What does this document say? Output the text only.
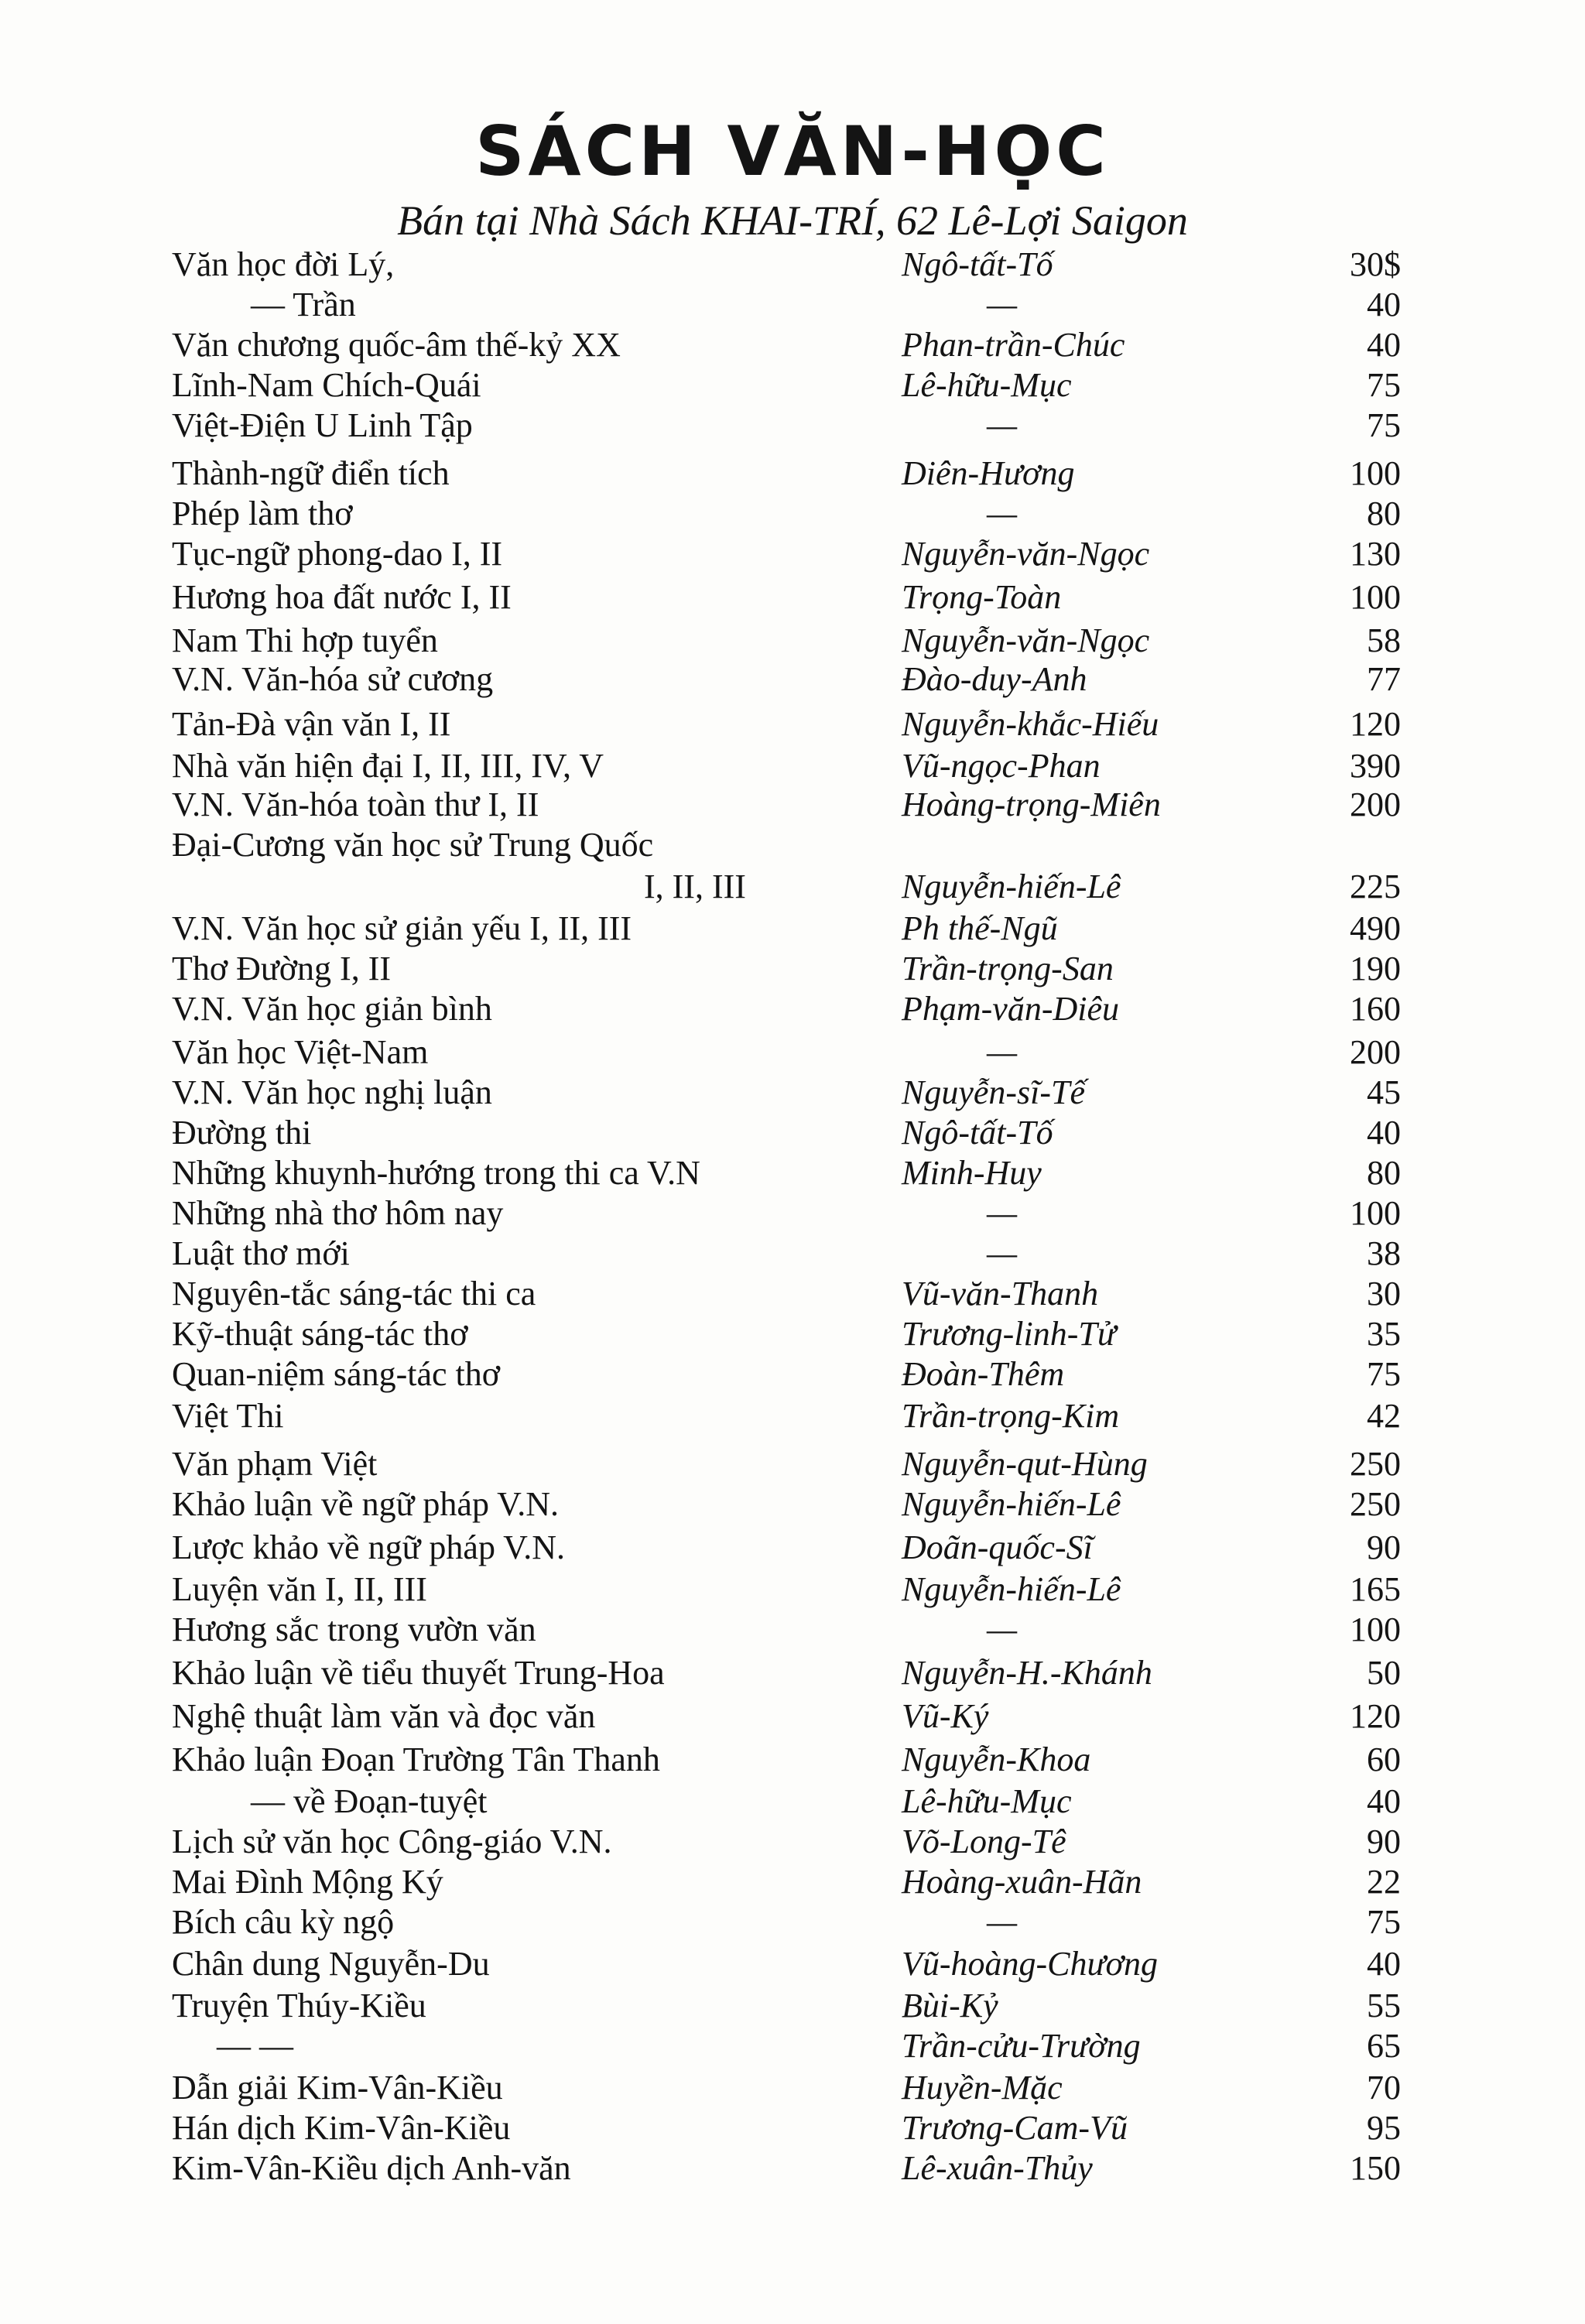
SÁCH VĂN-HỌC
Bán tại Nhà Sách KHAI-TRÍ, 62 Lê-Lợi Saigon
Văn học đời Lý,	Ngô-tất-Tố	30$
— Trần	—	40
Văn chương quốc-âm thế-kỷ XX	Phan-trần-Chúc	40
Lĩnh-Nam Chích-Quái	Lê-hữu-Mục	75
Việt-Điện U Linh Tập	—	75
Thành-ngữ điển tích	Diên-Hương	100
Phép làm thơ	—	80
Tục-ngữ phong-dao I, II	Nguyễn-văn-Ngọc	130
Hương hoa đất nước I, II	Trọng-Toàn	100
Nam Thi hợp tuyển	Nguyễn-văn-Ngọc	58
V.N. Văn-hóa sử cương	Đào-duy-Anh	77
Tản-Đà vận văn I, II	Nguyễn-khắc-Hiếu	120
Nhà văn hiện đại I, II, III, IV, V	Vũ-ngọc-Phan	390
V.N. Văn-hóa toàn thư I, II	Hoàng-trọng-Miên	200
Đại-Cương văn học sử Trung Quốc
I, II, III	Nguyễn-hiến-Lê	225
V.N. Văn học sử giản yếu I, II, III	Ph thế-Ngũ	490
Thơ Đường I, II	Trần-trọng-San	190
V.N. Văn học giản bình	Phạm-văn-Diêu	160
Văn học Việt-Nam	—	200
V.N. Văn học nghị luận	Nguyễn-sĩ-Tế	45
Đường thi	Ngô-tất-Tố	40
Những khuynh-hướng trong thi ca V.N	Minh-Huy	80
Những nhà thơ hôm nay	—	100
Luật thơ mới	—	38
Nguyên-tắc sáng-tác thi ca	Vũ-văn-Thanh	30
Kỹ-thuật sáng-tác thơ	Trương-linh-Tử	35
Quan-niệm sáng-tác thơ	Đoàn-Thêm	75
Việt Thi	Trần-trọng-Kim	42
Văn phạm Việt	Nguyễn-qut-Hùng	250
Khảo luận về ngữ pháp V.N.	Nguyễn-hiến-Lê	250
Lược khảo về ngữ pháp V.N.	Doãn-quốc-Sĩ	90
Luyện văn I, II, III	Nguyễn-hiến-Lê	165
Hương sắc trong vườn văn	—	100
Khảo luận về tiểu thuyết Trung-Hoa	Nguyễn-H.-Khánh	50
Nghệ thuật làm văn và đọc văn	Vũ-Ký	120
Khảo luận Đoạn Trường Tân Thanh	Nguyễn-Khoa	60
— về Đoạn-tuyệt	Lê-hữu-Mục	40
Lịch sử văn học Công-giáo V.N.	Võ-Long-Tê	90
Mai Đình Mộng Ký	Hoàng-xuân-Hãn	22
Bích câu kỳ ngộ	—	75
Chân dung Nguyễn-Du	Vũ-hoàng-Chương	40
Truyện Thúy-Kiều	Bùi-Kỷ	55
— —	Trần-cửu-Trường	65
Dẫn giải Kim-Vân-Kiều	Huyền-Mặc	70
Hán dịch Kim-Vân-Kiều	Trương-Cam-Vũ	95
Kim-Vân-Kiều dịch Anh-văn	Lê-xuân-Thủy	150
